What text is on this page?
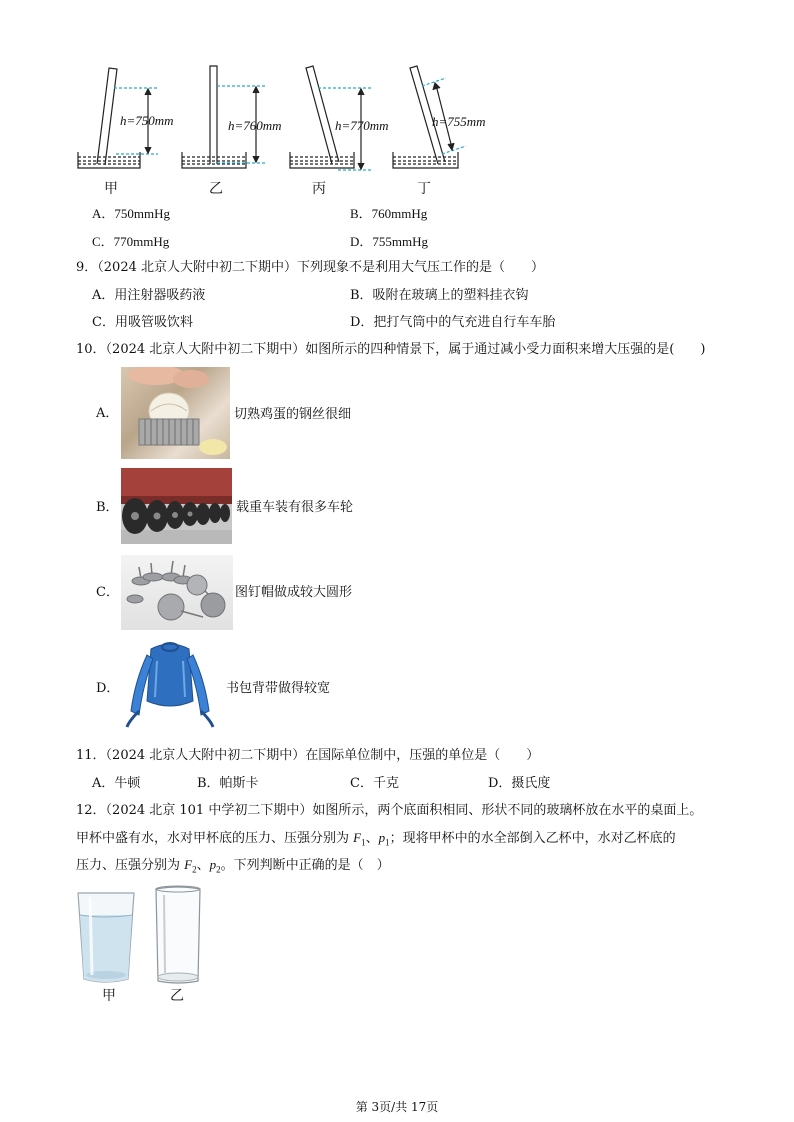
h=750mm	h=760mm	h=770mm	h=755mm
甲	乙	丙	丁
A．750mmHg	B．760mmHg
C．770mmHg	D．755mmHg
9．（2024 北京人大附中初二下期中）下列现象不是利用大气压工作的是（　　）
A．用注射器吸药液	B．吸附在玻璃上的塑料挂衣钩
C．用吸管吸饮料	D．把打气筒中的气充进自行车车胎
10．（2024 北京人大附中初二下期中）如图所示的四种情景下，属于通过减小受力面积来增大压强的是(　　)
A．	切熟鸡蛋的钢丝很细
B．	载重车装有很多车轮
C．	图钉帽做成较大圆形
D．	书包背带做得较宽
11．（2024 北京人大附中初二下期中）在国际单位制中，压强的单位是（　　）
A．牛顿	B．帕斯卡	C．千克	D．摄氏度
12．（2024 北京 101 中学初二下期中）如图所示，两个底面积相同、形状不同的玻璃杯放在水平的桌面上。
甲杯中盛有水，水对甲杯底的压力、压强分别为 $F_1$、$p_1$；现将甲杯中的水全部倒入乙杯中，水对乙杯底的
压力、压强分别为 $F_2$、$p_2$。下列判断中正确的是（　）
甲	乙
第 3页/共 17页
